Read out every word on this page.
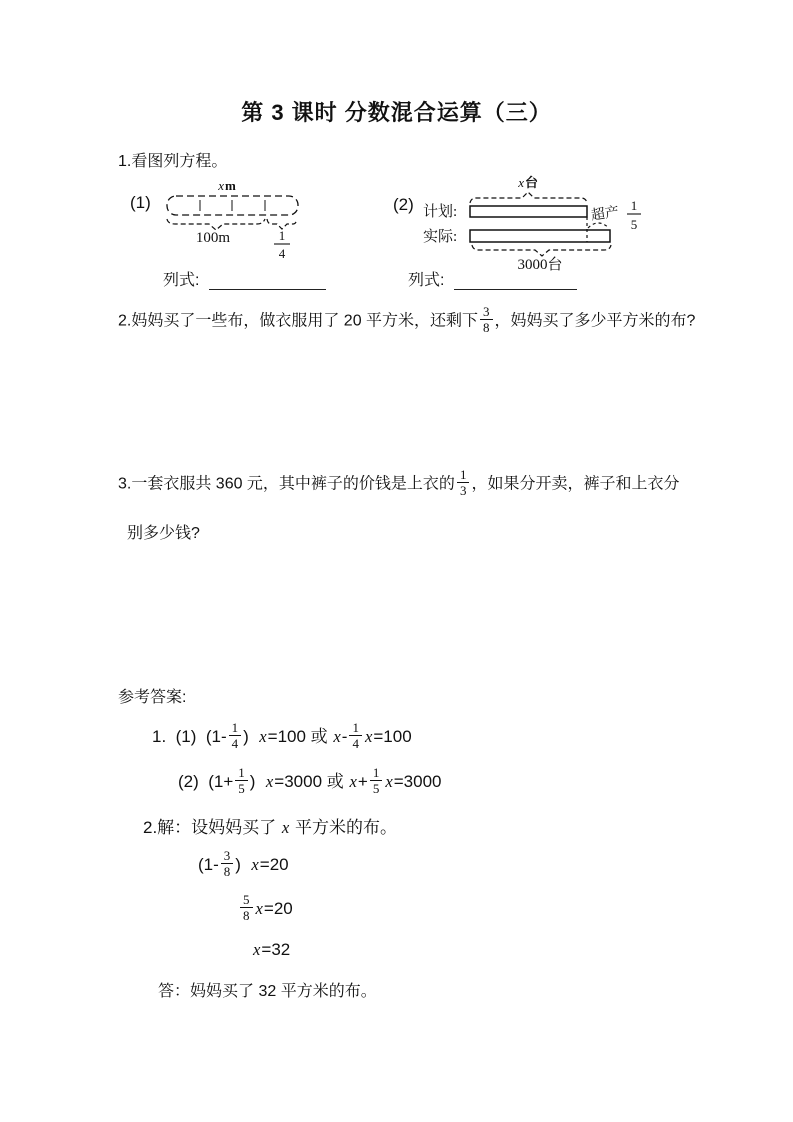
第 3 课时 分数混合运算（三）
1.看图列方程。
(1)
x m
100m	1
4
(2) 计划:
实际:
x 台
超产 1
5
3000台
列式:	列式:
2.妈妈买了一些布，做衣服用了 20 平方米，还剩下 $\frac{3}{8}$ ，妈妈买了多少平方米的布?
3.一套衣服共 360 元，其中裤子的价钱是上衣的 $\frac{1}{3}$ ，如果分开卖，裤子和上衣分
别多少钱?
参考答案:
1.  (1)  ($1- \frac{1}{4}$ )  x=100 或 $x- \frac{1}{4} x=100$
(2)  ($1+ \frac{1}{5}$ )  x=3000 或 $x+ \frac{1}{5} x=3000$
2.解：设妈妈买了 x 平方米的布。
($1- \frac{3}{8}$ )  x=20
$\frac{5}{8} x=20$
x=32
答：妈妈买了 32 平方米的布。
